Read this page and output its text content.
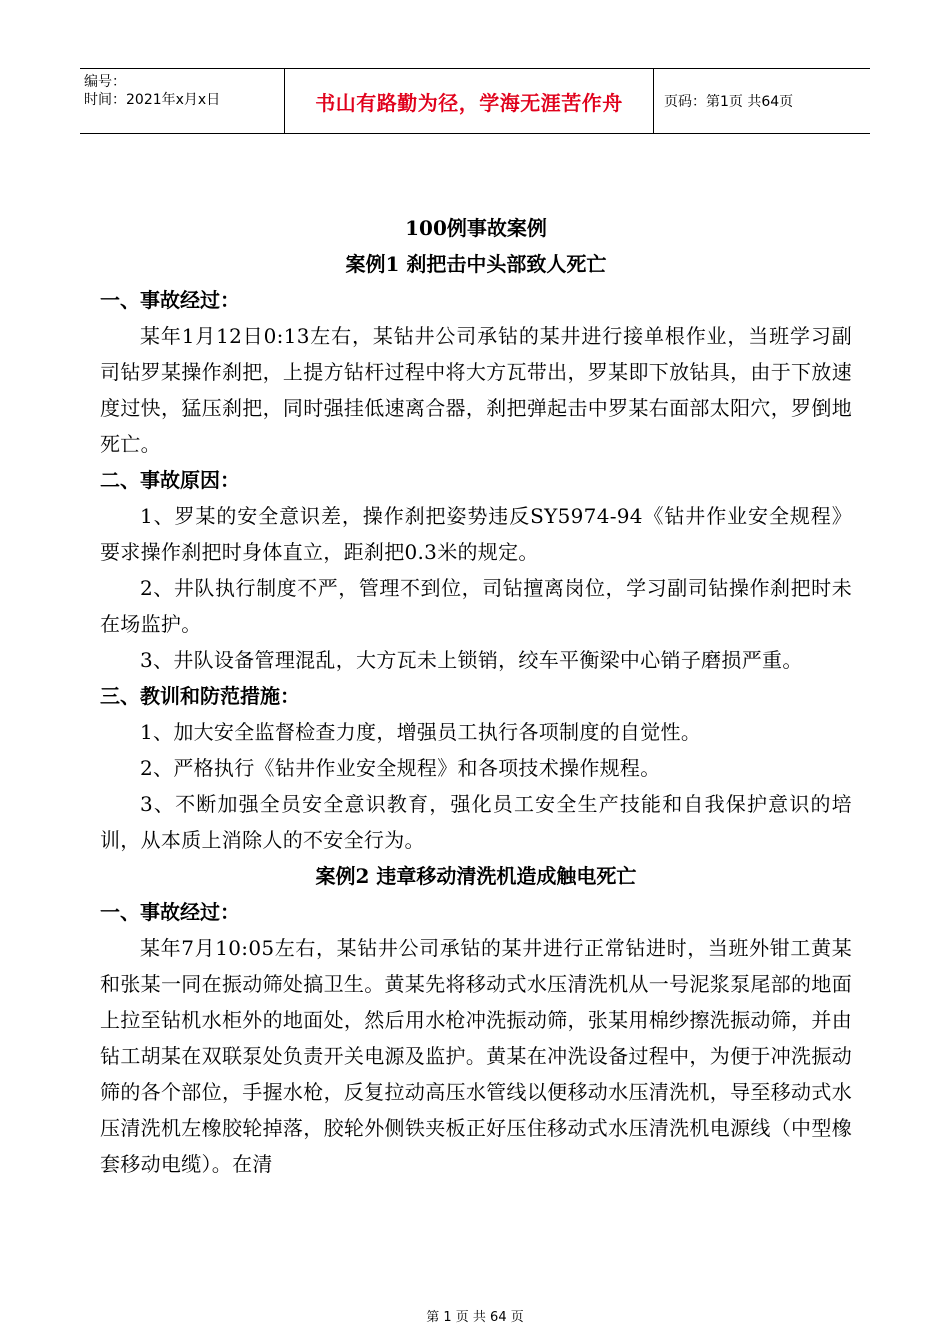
编号：
时间：2021年x月x日	书山有路勤为径，学海无涯苦作舟	页码：第1页 共64页
100例事故案例
案例1 刹把击中头部致人死亡
一、事故经过：

某年1月12日0:13左右，某钻井公司承钻的某井进行接单根作业，当班学习副司钻罗某操作刹把，上提方钻杆过程中将大方瓦带出，罗某即下放钻具，由于下放速度过快，猛压刹把，同时强挂低速离合器，刹把弹起击中罗某右面部太阳穴，罗倒地死亡。

二、事故原因：

1、罗某的安全意识差，操作刹把姿势违反SY5974-94《钻井作业安全规程》要求操作刹把时身体直立，距刹把0.3米的规定。

2、井队执行制度不严，管理不到位，司钻擅离岗位，学习副司钻操作刹把时未在场监护。

3、井队设备管理混乱，大方瓦未上锁销，绞车平衡梁中心销子磨损严重。

三、教训和防范措施：

1、加大安全监督检查力度，增强员工执行各项制度的自觉性。

2、严格执行《钻井作业安全规程》和各项技术操作规程。

3、不断加强全员安全意识教育，强化员工安全生产技能和自我保护意识的培训，从本质上消除人的不安全行为。

案例2 违章移动清洗机造成触电死亡
一、事故经过：

某年7月10:05左右，某钻井公司承钻的某井进行正常钻进时，当班外钳工黄某和张某一同在振动筛处搞卫生。黄某先将移动式水压清洗机从一号泥浆泵尾部的地面上拉至钻机水柜外的地面处，然后用水枪冲洗振动筛，张某用棉纱擦洗振动筛，并由钻工胡某在双联泵处负责开关电源及监护。黄某在冲洗设备过程中，为便于冲洗振动筛的各个部位，手握水枪，反复拉动高压水管线以便移动水压清洗机，导至移动式水压清洗机左橡胶轮掉落，胶轮外侧铁夹板正好压住移动式水压清洗机电源线（中型橡套移动电缆）。在清

第 1 页 共 64 页
